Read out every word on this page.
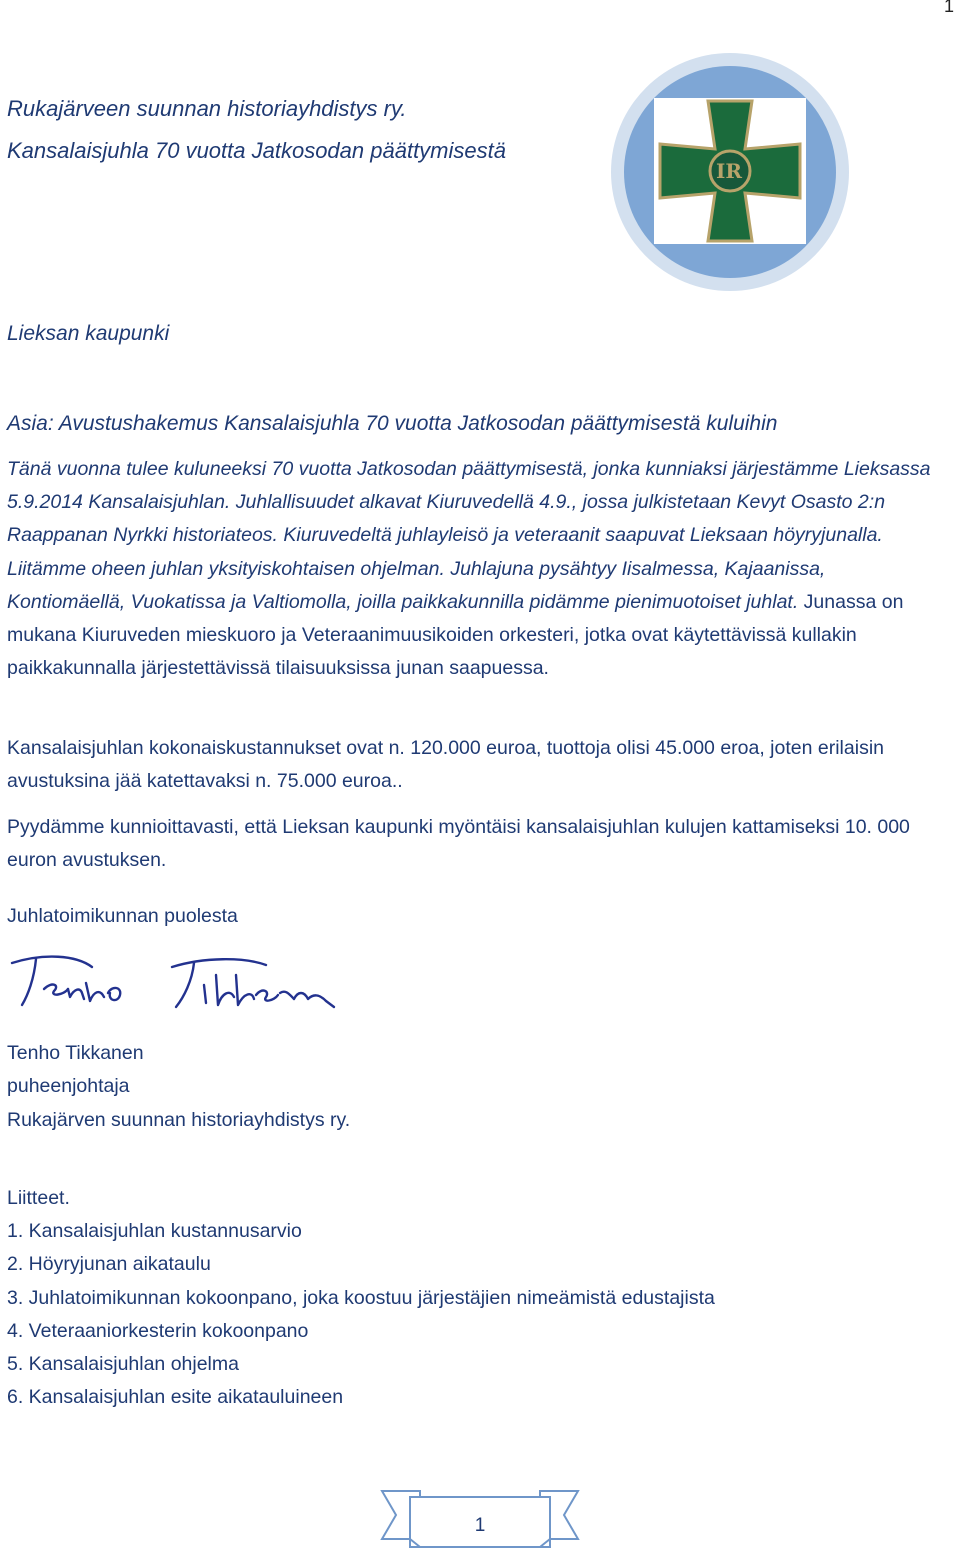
1
Rukajärveen suunnan historiayhdistys ry.
Kansalaisjuhla 70 vuotta Jatkosodan päättymisestä
IR
Lieksan kaupunki
Asia: Avustushakemus Kansalaisjuhla 70 vuotta Jatkosodan päättymisestä kuluihin
Tänä vuonna tulee kuluneeksi 70 vuotta Jatkosodan päättymisestä, jonka kunniaksi järjestämme Lieksassa 5.9.2014 Kansalaisjuhlan. Juhlallisuudet alkavat Kiuruvedellä 4.9., jossa julkistetaan Kevyt Osasto 2:n Raappanan Nyrkki historiateos. Kiuruvedeltä juhlayleisö ja veteraanit saapuvat Lieksaan höyryjunalla. Liitämme oheen juhlan yksityiskohtaisen ohjelman. Juhlajuna pysähtyy Iisalmessa, Kajaanissa, Kontiomäellä, Vuokatissa ja Valtiomolla, joilla paikkakunnilla pidämme pienimuotoiset juhlat. Junassa on mukana Kiuruveden mieskuoro ja Veteraanimuusikoiden orkesteri, jotka ovat käytettävissä kullakin paikkakunnalla järjestettävissä tilaisuuksissa junan saapuessa.
Kansalaisjuhlan kokonaiskustannukset ovat n. 120.000 euroa, tuottoja olisi 45.000 eroa, joten erilaisin avustuksina jää katettavaksi n. 75.000 euroa..
Pyydämme kunnioittavasti, että Lieksan kaupunki myöntäisi kansalaisjuhlan kulujen kattamiseksi 10. 000 euron avustuksen.
Juhlatoimikunnan puolesta
Tenho Tikkanen
puheenjohtaja
Rukajärven suunnan historiayhdistys ry.
Liitteet.
1. Kansalaisjuhlan kustannusarvio
2. Höyryjunan aikataulu
3. Juhlatoimikunnan kokoonpano, joka koostuu järjestäjien nimeämistä edustajista
4. Veteraaniorkesterin kokoonpano
5. Kansalaisjuhlan ohjelma
6. Kansalaisjuhlan esite aikatauluineen
1
